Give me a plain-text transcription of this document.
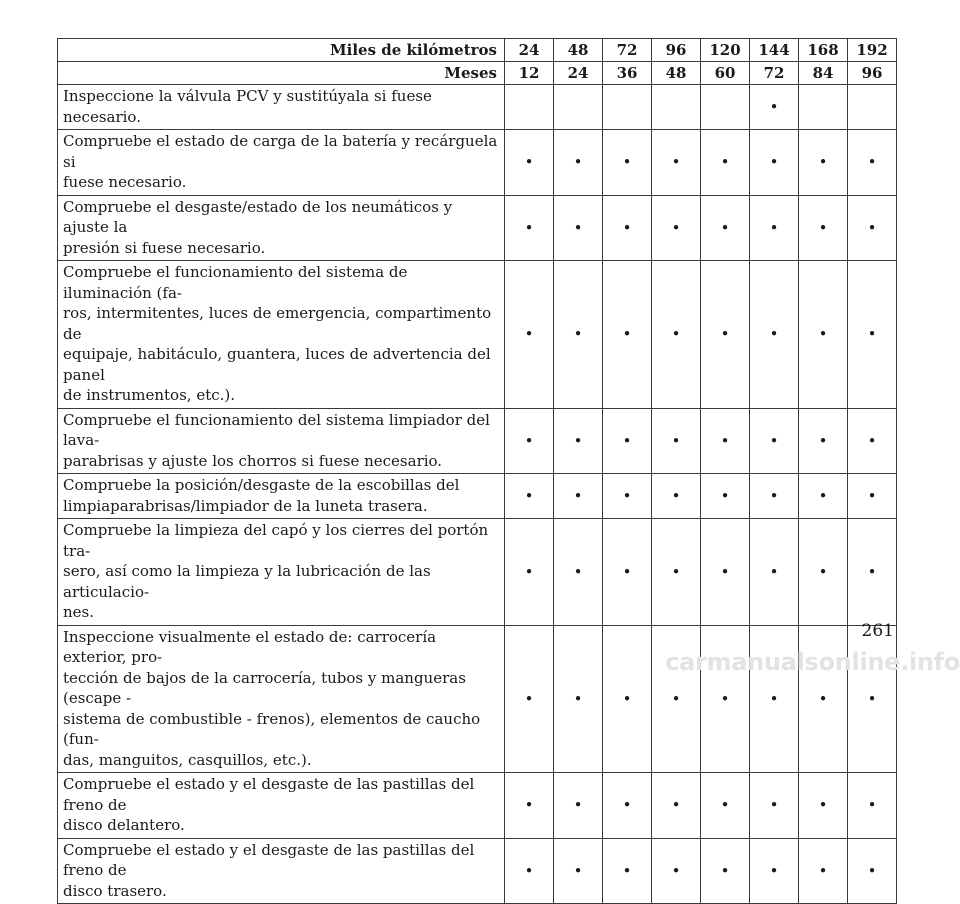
Miles de kilómetros	24	48	72	96	120	144	168	192
Meses	12	24	36	48	60	72	84	96
Inspeccione la válvula PCV y sustitúyala si fuese necesario.						•		
Compruebe el estado de carga de la batería y recárguela si
fuese necesario.	•	•	•	•	•	•	•	•
Compruebe el desgaste/estado de los neumáticos y ajuste la
presión si fuese necesario.	•	•	•	•	•	•	•	•
Compruebe el funcionamiento del sistema de iluminación (fa-
ros, intermitentes, luces de emergencia, compartimento de
equipaje, habitáculo, guantera, luces de advertencia del panel
de instrumentos, etc.).	•	•	•	•	•	•	•	•
Compruebe el funcionamiento del sistema limpiador del lava-
parabrisas y ajuste los chorros si fuese necesario.	•	•	•	•	•	•	•	•
Compruebe la posición/desgaste de la escobillas del
limpiaparabrisas/limpiador de la luneta trasera.	•	•	•	•	•	•	•	•
Compruebe la limpieza del capó y los cierres del portón tra-
sero, así como la limpieza y la lubricación de las articulacio-
nes.	•	•	•	•	•	•	•	•
Inspeccione visualmente el estado de: carrocería exterior, pro-
tección de bajos de la carrocería, tubos y mangueras (escape -
sistema de combustible - frenos), elementos de caucho (fun-
das, manguitos, casquillos, etc.).	•	•	•	•	•	•	•	•
Compruebe el estado y el desgaste de las pastillas del freno de
disco delantero.	•	•	•	•	•	•	•	•
Compruebe el estado y el desgaste de las pastillas del freno de
disco trasero.	•	•	•	•	•	•	•	•
261
carmanualsonline.info
